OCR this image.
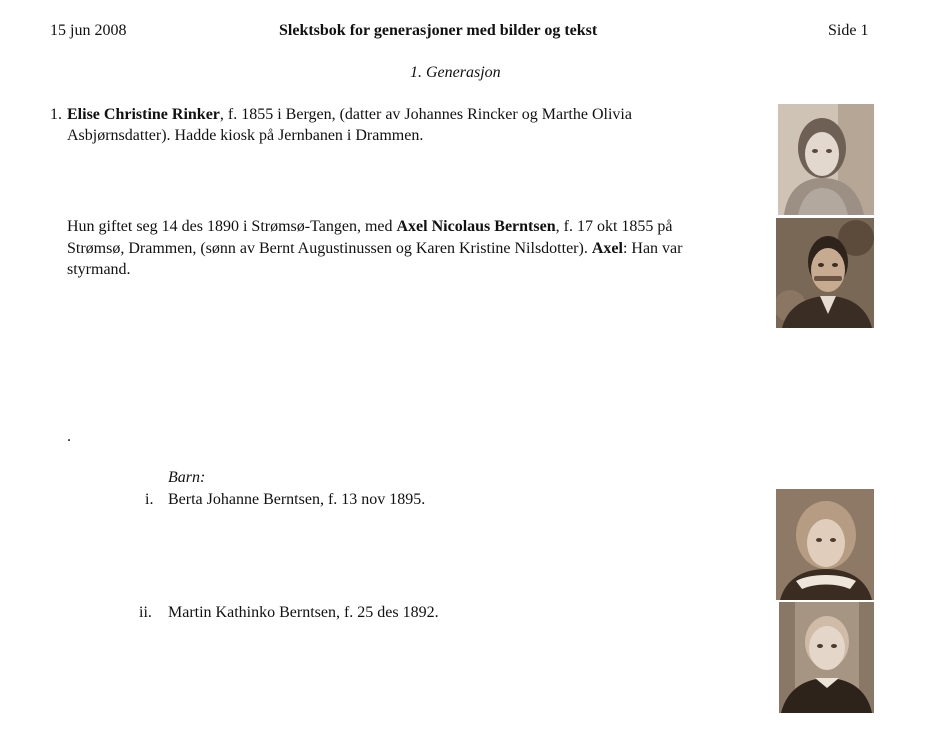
15 jun 2008	Slektsbok for generasjoner med bilder og tekst	Side 1
1. Generasjon
1. Elise Christine Rinker, f. 1855 i Bergen, (datter av Johannes Rincker og Marthe Olivia
Asbjørnsdatter). Hadde kiosk på Jernbanen i Drammen.
Hun giftet seg 14 des 1890 i Strømsø-Tangen, med Axel Nicolaus Berntsen, f. 17 okt 1855 på
Strømsø, Drammen, (sønn av Bernt Augustinussen og Karen Kristine Nilsdotter). Axel: Han var
styrmand.
.
Barn:
i. Berta Johanne Berntsen, f. 13 nov 1895.
ii. Martin Kathinko Berntsen, f. 25 des 1892.
